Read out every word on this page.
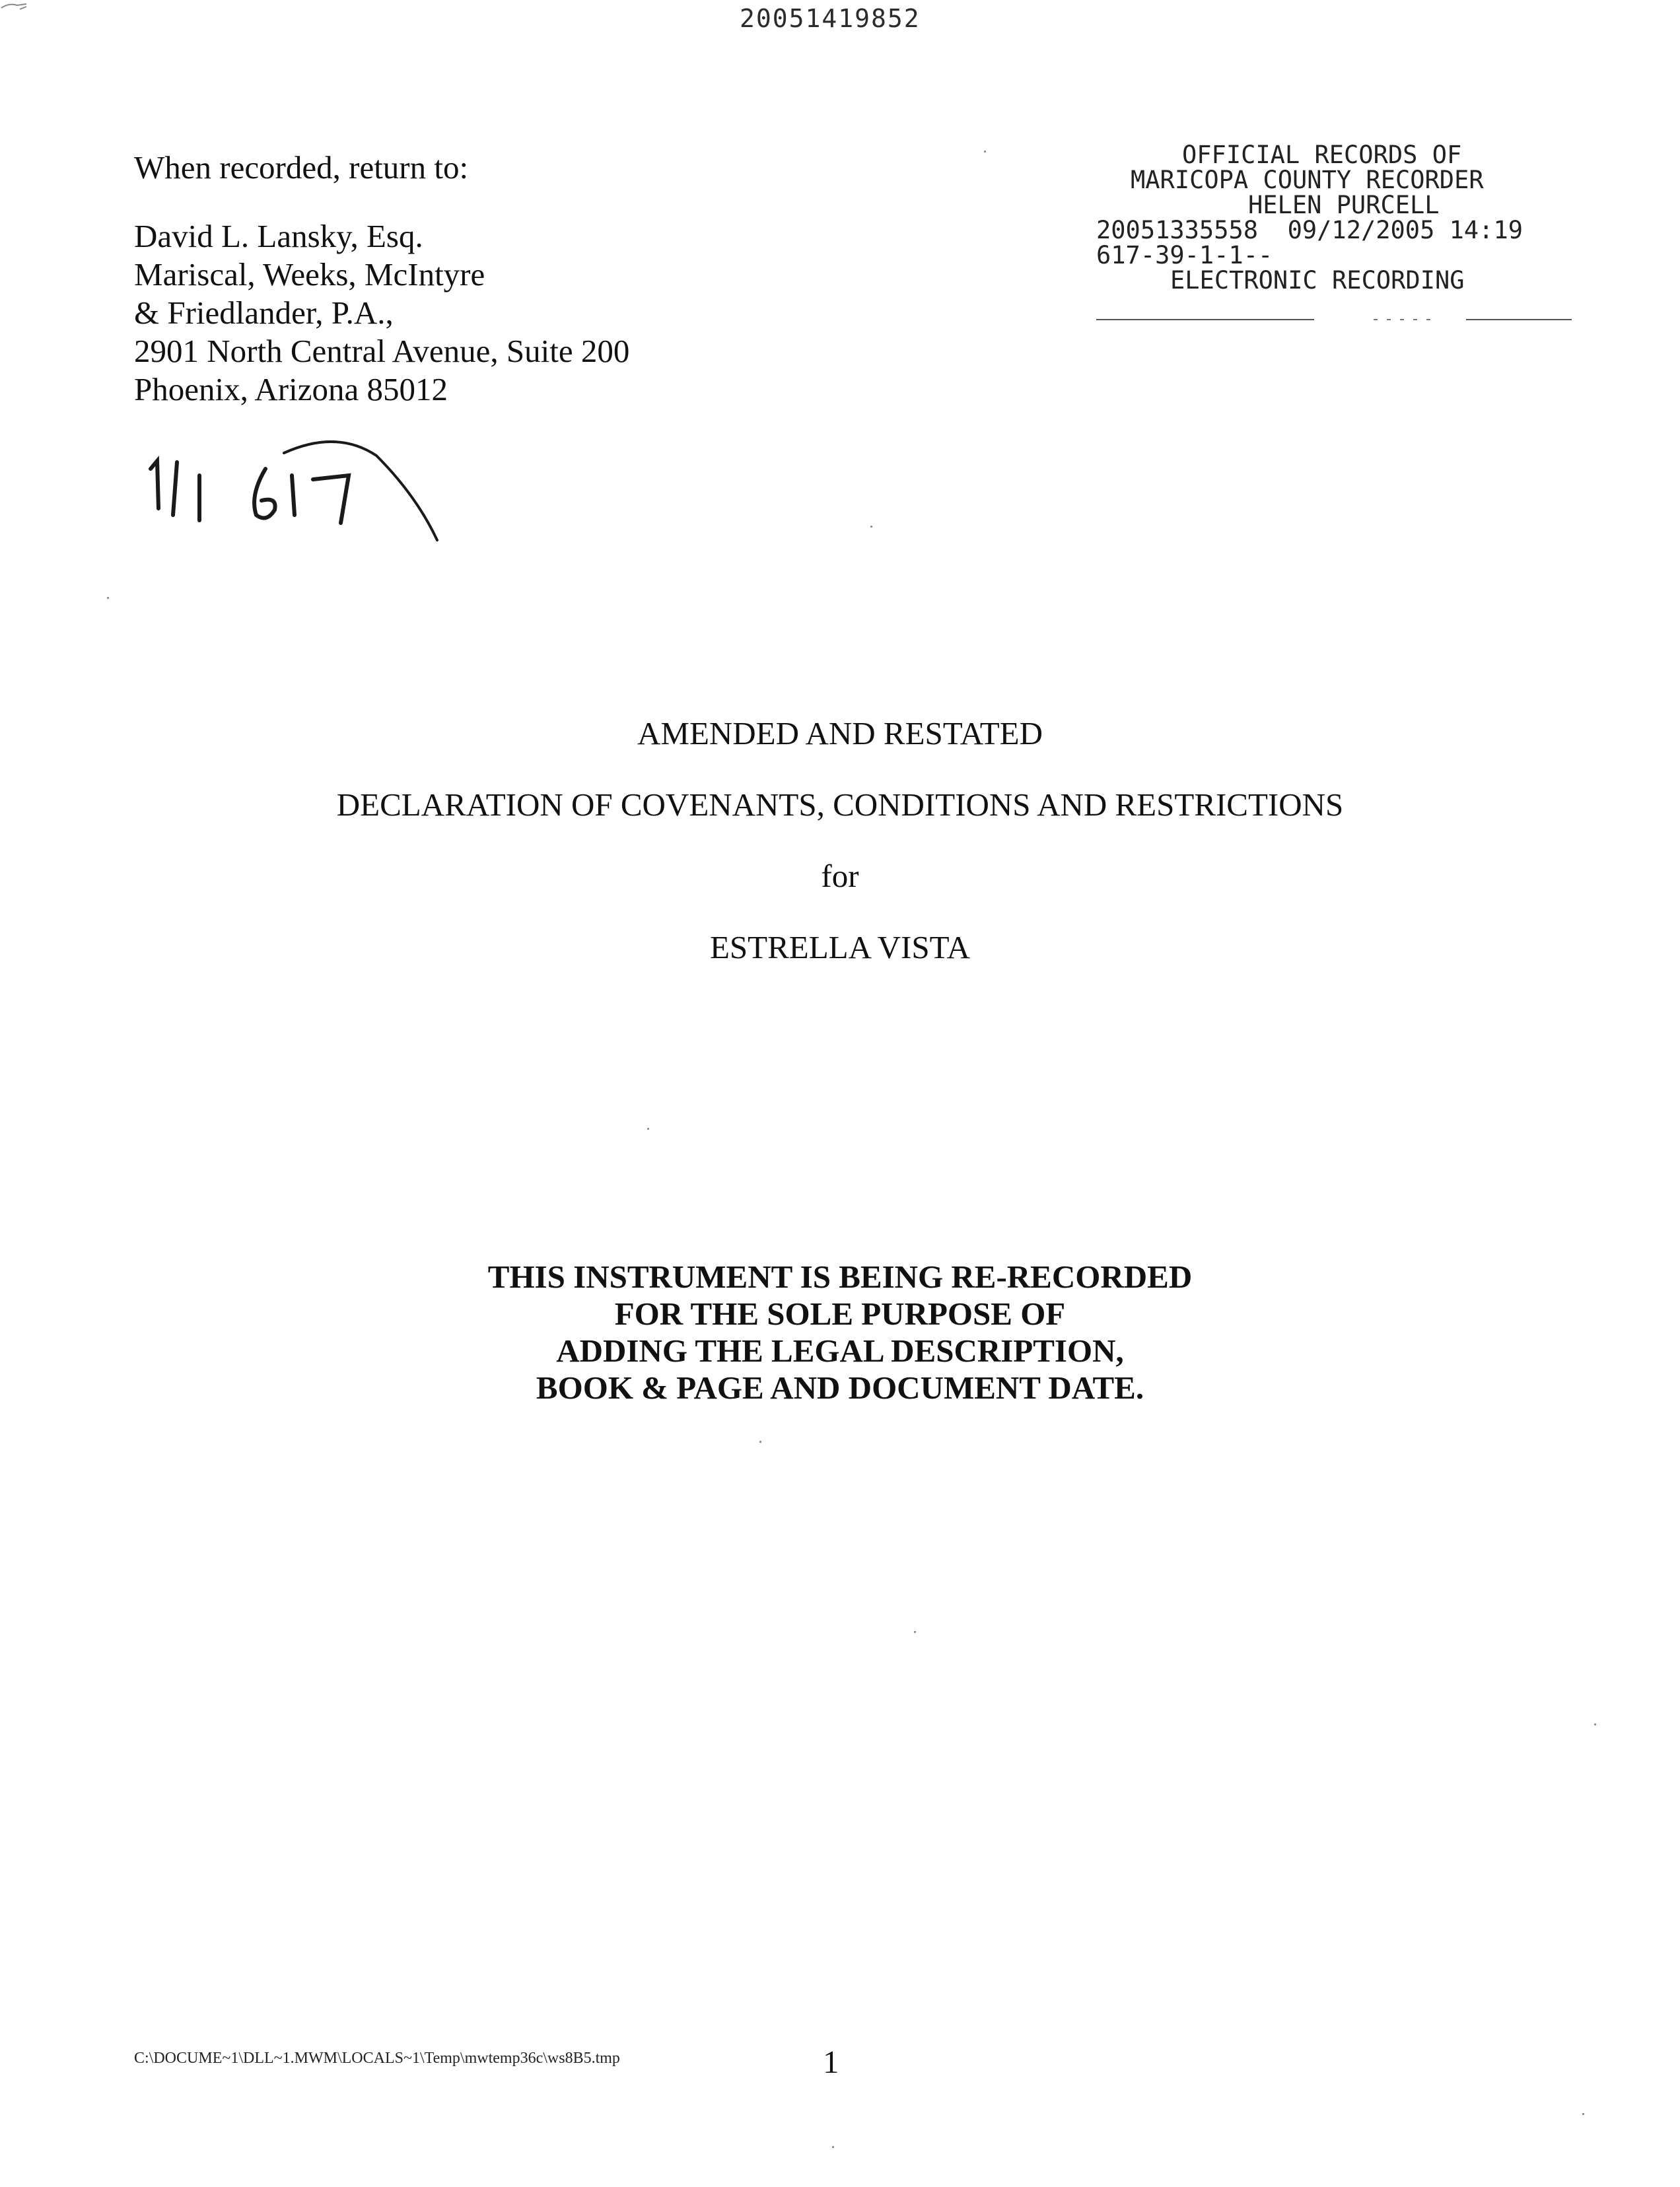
20051419852
When recorded, return to:
David L. Lansky, Esq.
Mariscal, Weeks, McIntyre
& Friedlander, P.A.,
2901 North Central Avenue, Suite 200
Phoenix, Arizona 85012
OFFICIAL RECORDS OF
MARICOPA COUNTY RECORDER
HELEN PURCELL
20051335558  09/12/2005 14:19
617-39-1-1--
ELECTRONIC RECORDING
AMENDED AND RESTATED
DECLARATION OF COVENANTS, CONDITIONS AND RESTRICTIONS
for
ESTRELLA VISTA
THIS INSTRUMENT IS BEING RE-RECORDED
FOR THE SOLE PURPOSE OF
ADDING THE LEGAL DESCRIPTION,
BOOK & PAGE AND DOCUMENT DATE.
C:\DOCUME~1\DLL~1.MWM\LOCALS~1\Temp\mwtemp36c\ws8B5.tmp	1
